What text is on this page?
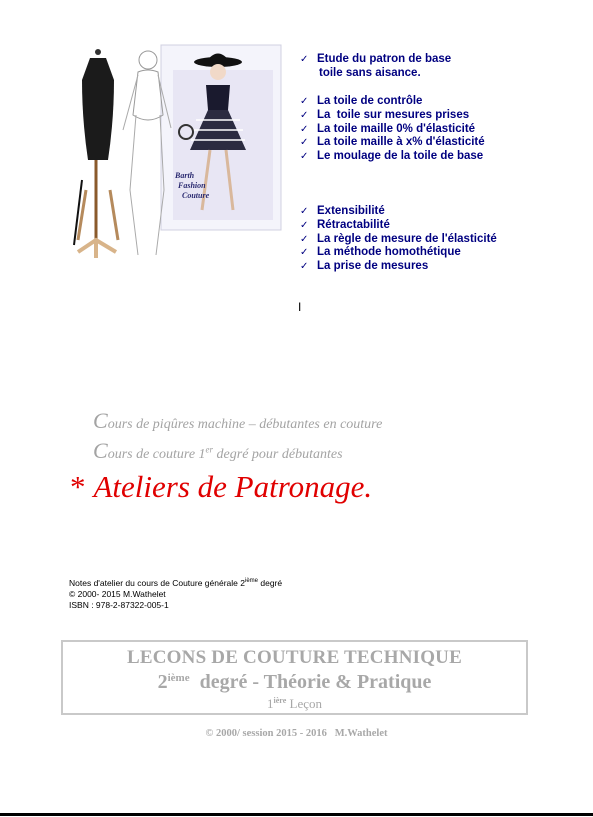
Barth
Fashion
Couture
✓ Etude du patron de base
toile sans aisance.
✓ La toile de contrôle
✓ La  toile sur mesures prises
✓ La toile maille 0% d'élasticité
✓ La toile maille à x% d'élasticité
✓ Le moulage de la toile de base
✓ Extensibilité
✓ Rétractabilité
✓ La règle de mesure de l'élasticité
✓ La méthode homothétique
✓ La prise de mesures
I
Cours de piqûres machine – débutantes en couture
Cours de couture 1er degré pour débutantes
* Ateliers de Patronage.
Notes d'atelier du cours de Couture générale 2ième degré
© 2000- 2015 M.Wathelet
ISBN : 978-2-87322-005-1
LECONS DE COUTURE TECHNIQUE
2ième  degré - Théorie & Pratique
$1^{ière}$ Leçon
© 2000/ session 2015 - 2016   M.Wathelet
